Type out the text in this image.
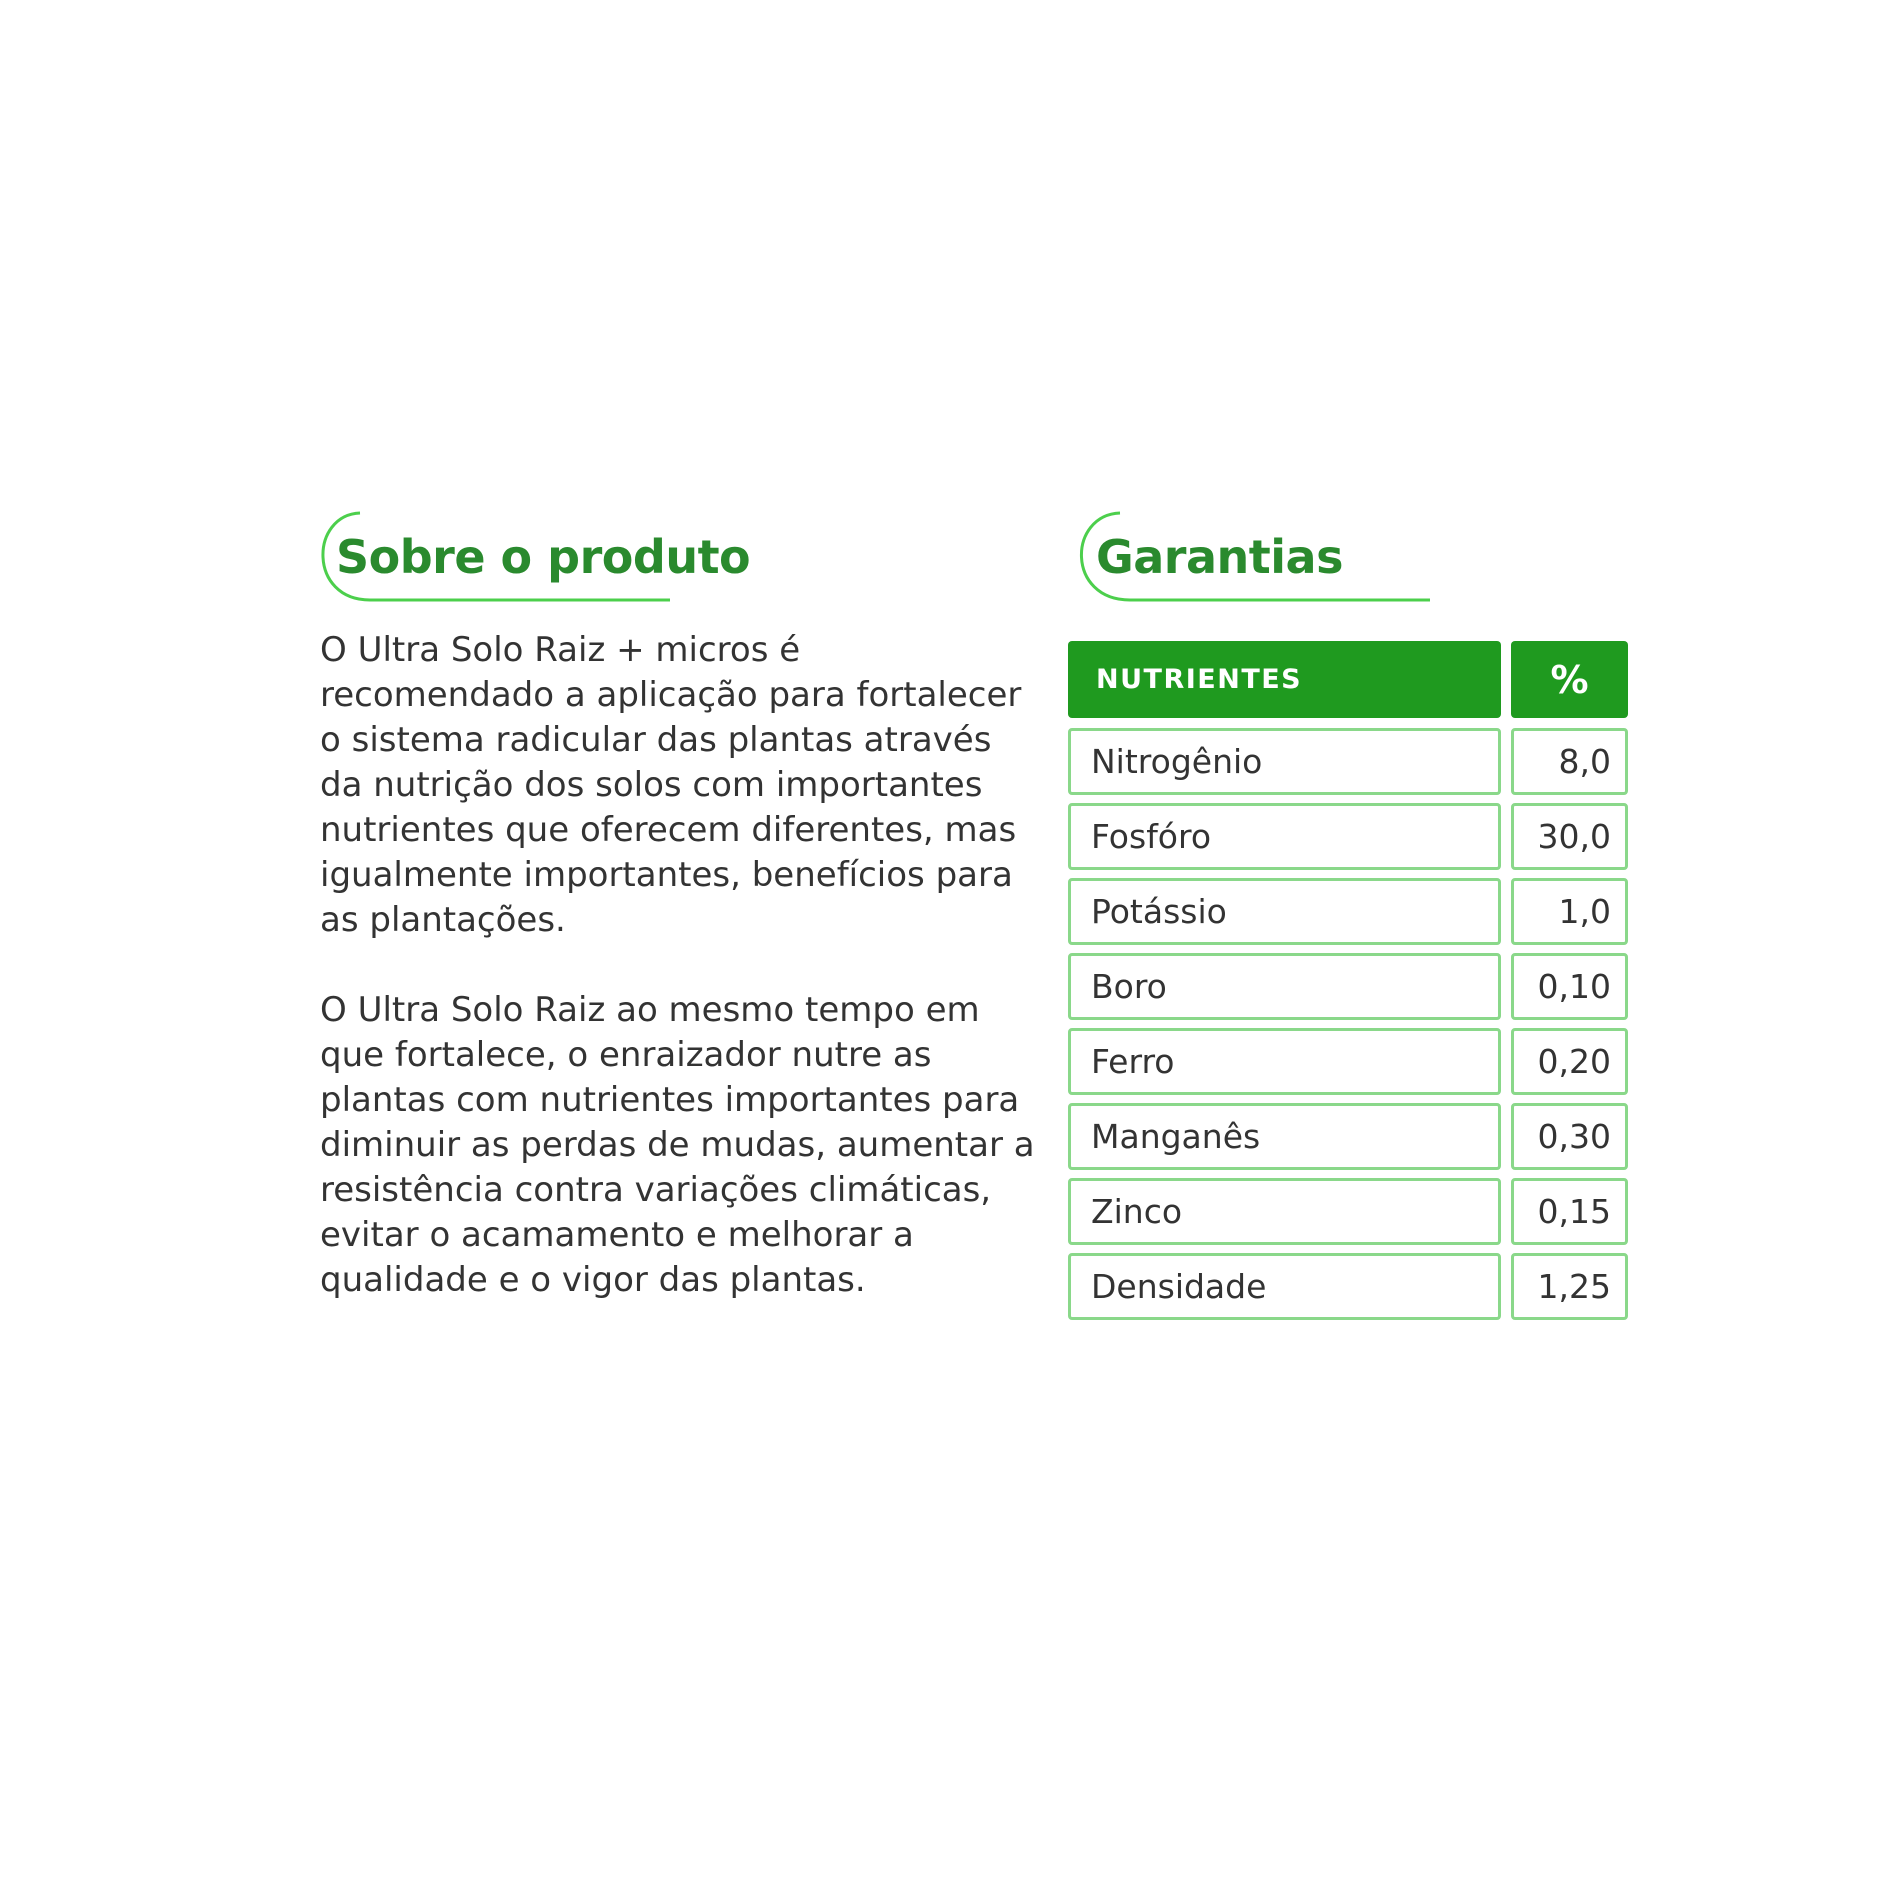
Sobre o produto

O Ultra Solo Raiz + micros é recomendado a aplicação para fortalecer o sistema radicular das plantas através da nutrição dos solos com importantes nutrientes que oferecem diferentes, mas igualmente importantes, benefícios para as plantações.

O Ultra Solo Raiz ao mesmo tempo em que fortalece, o enraizador nutre as plantas com nutrientes importantes para diminuir as perdas de mudas, aumentar a resistência contra variações climáticas, evitar o acamamento e melhorar a qualidade e o vigor das plantas.

Garantias
NUTRIENTES	%
Nitrogênio	8,0
Fosfóro	30,0
Potássio	1,0
Boro	0,10
Ferro	0,20
Manganês	0,30
Zinco	0,15
Densidade	1,25
